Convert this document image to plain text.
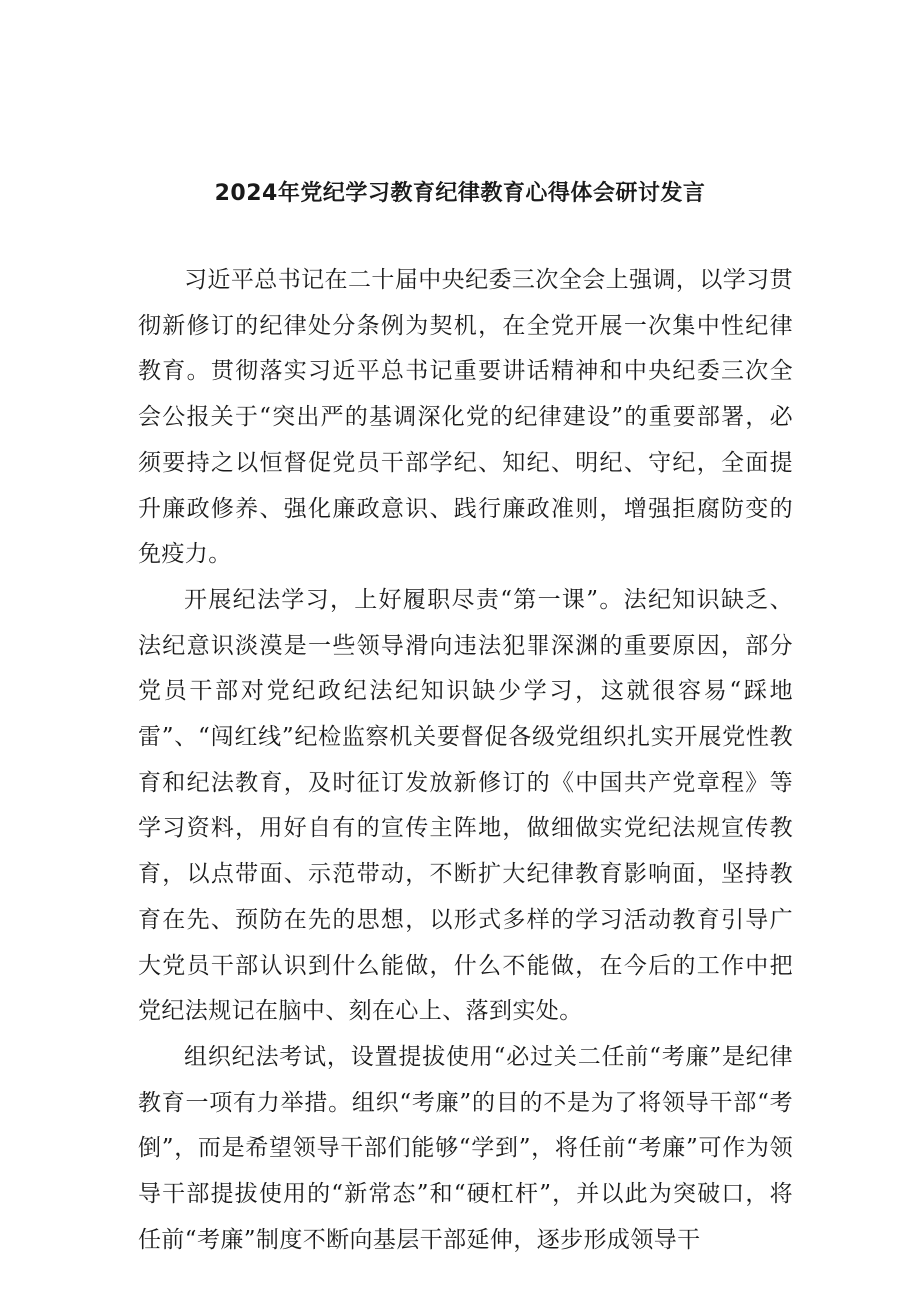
2024年党纪学习教育纪律教育心得体会研讨发言

习近平总书记在二十届中央纪委三次全会上强调，以学习贯彻新修订的纪律处分条例为契机，在全党开展一次集中性纪律教育。贯彻落实习近平总书记重要讲话精神和中央纪委三次全会公报关于“突出严的基调深化党的纪律建设”的重要部署，必须要持之以恒督促党员干部学纪、知纪、明纪、守纪，全面提升廉政修养、强化廉政意识、践行廉政准则，增强拒腐防变的免疫力。

开展纪法学习，上好履职尽责“第一课”。法纪知识缺乏、法纪意识淡漠是一些领导滑向违法犯罪深渊的重要原因，部分党员干部对党纪政纪法纪知识缺少学习，这就很容易“踩地雷”、“闯红线”纪检监察机关要督促各级党组织扎实开展党性教育和纪法教育，及时征订发放新修订的《中国共产党章程》等学习资料，用好自有的宣传主阵地，做细做实党纪法规宣传教育，以点带面、示范带动，不断扩大纪律教育影响面，坚持教育在先、预防在先的思想，以形式多样的学习活动教育引导广大党员干部认识到什么能做，什么不能做，在今后的工作中把党纪法规记在脑中、刻在心上、落到实处。

组织纪法考试，设置提拔使用“必过关二任前“考廉”是纪律教育一项有力举措。组织“考廉”的目的不是为了将领导干部“考倒”，而是希望领导干部们能够“学到”，将任前“考廉”可作为领导干部提拔使用的“新常态”和“硬杠杆”，并以此为突破口，将任前“考廉”制度不断向基层干部延伸，逐步形成领导干
